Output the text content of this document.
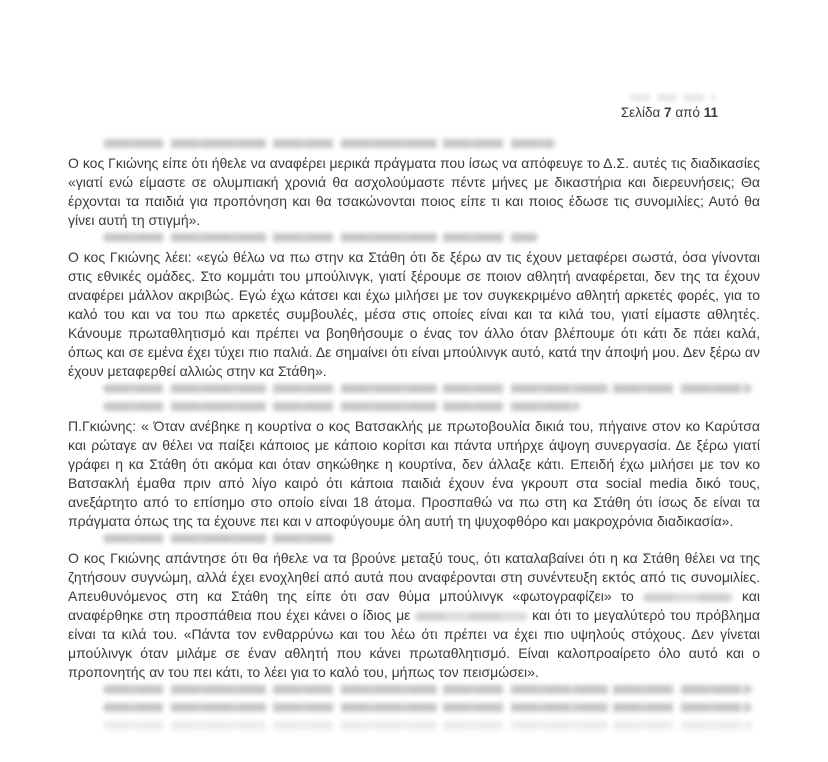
Σελίδα 7 από 11

Ο κος Γκιώνης είπε ότι ήθελε να αναφέρει μερικά πράγματα που ίσως να απόφευγε το Δ.Σ. αυτές τις διαδικασίες «γιατί ενώ είμαστε σε ολυμπιακή χρονιά θα ασχολούμαστε πέντε μήνες με δικαστήρια και διερευνήσεις; Θα έρχονται τα παιδιά για προπόνηση και θα τσακώνονται ποιος είπε τι και ποιος έδωσε τις συνομιλίες; Αυτό θα γίνει αυτή τη στιγμή».

Ο κος Γκιώνης λέει: «εγώ θέλω να πω στην κα Στάθη ότι δε ξέρω αν τις έχουν μεταφέρει σωστά, όσα γίνονται στις εθνικές ομάδες. Στο κομμάτι του μπούλινγκ, γιατί ξέρουμε σε ποιον αθλητή αναφέρεται, δεν της τα έχουν αναφέρει μάλλον ακριβώς. Εγώ έχω κάτσει και έχω μιλήσει με τον συγκεκριμένο αθλητή αρκετές φορές, για το καλό του και να του πω αρκετές συμβουλές, μέσα στις οποίες είναι και τα κιλά του, γιατί είμαστε αθλητές. Κάνουμε πρωταθλητισμό και πρέπει να βοηθήσουμε ο ένας τον άλλο όταν βλέπουμε ότι κάτι δε πάει καλά, όπως και σε εμένα έχει τύχει πιο παλιά. Δε σημαίνει ότι είναι μπούλινγκ αυτό, κατά την άποψή μου. Δεν ξέρω αν έχουν μεταφερθεί αλλιώς στην κα Στάθη».

Π.Γκιώνης: « Όταν ανέβηκε η κουρτίνα ο κος Βατσακλής με πρωτοβουλία δικιά του, πήγαινε στον κο Καρύτσα και ρώταγε αν θέλει να παίξει κάποιος με κάποιο κορίτσι και πάντα υπήρχε άψογη συνεργασία. Δε ξέρω γιατί γράφει η κα Στάθη ότι ακόμα και όταν σηκώθηκε η κουρτίνα, δεν άλλαξε κάτι. Επειδή έχω μιλήσει με τον κο Βατσακλή έμαθα πριν από λίγο καιρό ότι κάποια παιδιά έχουν ένα γκρουπ στα social media δικό τους, ανεξάρτητο από το επίσημο στο οποίο είναι 18 άτομα. Προσπαθώ να πω στη κα Στάθη ότι ίσως δε είναι τα πράγματα όπως της τα έχουνε πει και ν αποφύγουμε όλη αυτή τη ψυχοφθόρο και μακροχρόνια διαδικασία».

Ο κος Γκιώνης απάντησε ότι θα ήθελε να τα βρούνε μεταξύ τους, ότι καταλαβαίνει ότι η κα Στάθη θέλει να της ζητήσουν συγνώμη, αλλά έχει ενοχληθεί από αυτά που αναφέρονται στη συνέντευξη εκτός από τις συνομιλίες. Απευθυνόμενος στη κα Στάθη της είπε ότι σαν θύμα μπούλινγκ «φωτογραφίζει» το	και αναφέρθηκε στη προσπάθεια που έχει κάνει ο ίδιος με	και ότι το μεγαλύτερό του πρόβλημα είναι τα κιλά του. «Πάντα τον ενθαρρύνω και του λέω ότι πρέπει να έχει πιο υψηλούς στόχους. Δεν γίνεται μπούλινγκ όταν μιλάμε σε έναν αθλητή που κάνει πρωταθλητισμό. Είναι καλοπροαίρετο όλο αυτό και ο προπονητής αν του πει κάτι, το λέει για το καλό του, μήπως τον πεισμώσει».
